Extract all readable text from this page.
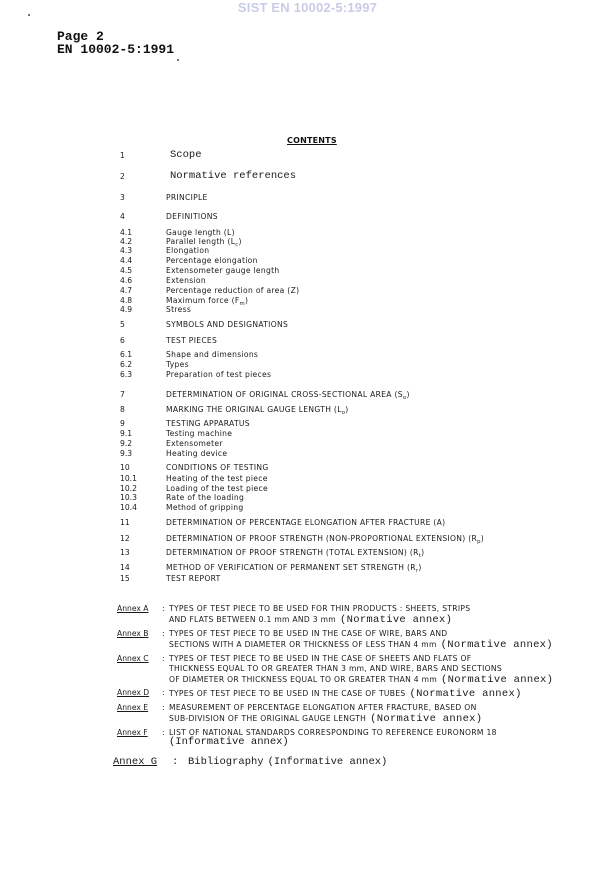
SIST EN 10002-5:1997
Page 2
EN 10002-5:1991
CONTENTS
1	Scope
2	Normative references
3	PRINCIPLE
4	DEFINITIONS
4.1	Gauge length (L)
4.2	Parallel length $(L_c)$
4.3	Elongation
4.4	Percentage elongation
4.5	Extensometer gauge length
4.6	Extension
4.7	Percentage reduction of area (Z)
4.8	Maximum force $(F_m)$
4.9	Stress
5	SYMBOLS AND DESIGNATIONS
6	TEST PIECES
6.1	Shape and dimensions
6.2	Types
6.3	Preparation of test pieces
7	DETERMINATION OF ORIGINAL CROSS-SECTIONAL AREA $(S_o)$
8	MARKING THE ORIGINAL GAUGE LENGTH $(L_o)$
9	TESTING APPARATUS
9.1	Testing machine
9.2	Extensometer
9.3	Heating device
10	CONDITIONS OF TESTING
10.1	Heating of the test piece
10.2	Loading of the test piece
10.3	Rate of the loading
10.4	Method of gripping
11	DETERMINATION OF PERCENTAGE ELONGATION AFTER FRACTURE (A)
12	DETERMINATION OF PROOF STRENGTH (NON-PROPORTIONAL EXTENSION) $(R_p)$
13	DETERMINATION OF PROOF STRENGTH (TOTAL EXTENSION) $(R_t)$
14	METHOD OF VERIFICATION OF PERMANENT SET STRENGTH $(R_r)$
15	TEST REPORT
Annex A : TYPES OF TEST PIECE TO BE USED FOR THIN PRODUCTS : SHEETS, STRIPS
AND FLATS BETWEEN 0.1 mm AND 3 mm (Normative annex)
Annex B : TYPES OF TEST PIECE TO BE USED IN THE CASE OF WIRE, BARS AND
SECTIONS WITH A DIAMETER OR THICKNESS OF LESS THAN 4 mm (Normative annex)
Annex C : TYPES OF TEST PIECE TO BE USED IN THE CASE OF SHEETS AND FLATS OF
THICKNESS EQUAL TO OR GREATER THAN 3 mm, AND WIRE, BARS AND SECTIONS
OF DIAMETER OR THICKNESS EQUAL TO OR GREATER THAN 4 mm (Normative annex)
Annex D : TYPES OF TEST PIECE TO BE USED IN THE CASE OF TUBES (Normative annex)
Annex E : MEASUREMENT OF PERCENTAGE ELONGATION AFTER FRACTURE, BASED ON
SUB-DIVISION OF THE ORIGINAL GAUGE LENGTH (Normative annex)
Annex F : LIST OF NATIONAL STANDARDS CORRESPONDING TO REFERENCE EURONORM 18
(Informative annex)
Annex G : Bibliography (Informative annex)
